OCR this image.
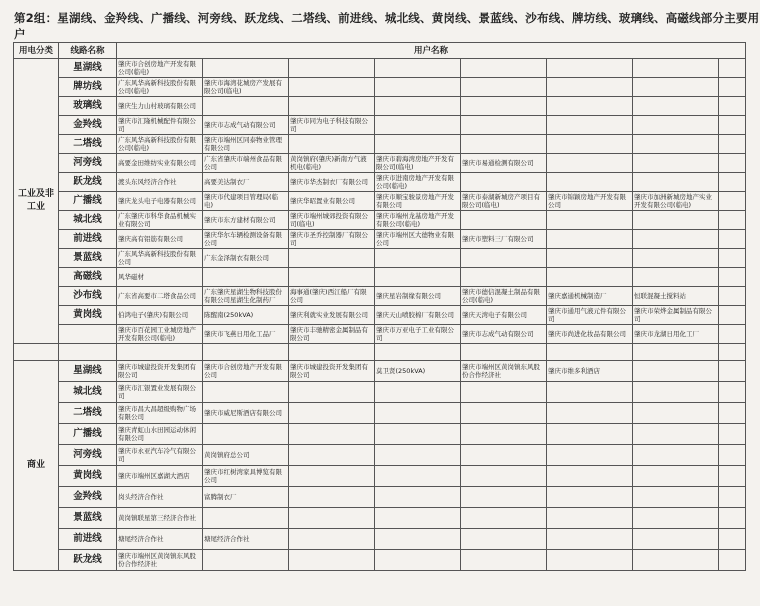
第2组：星湖线、金羚线、广播线、河旁线、跃龙线、二塔线、前进线、城北线、黄岗线、景蓝线、沙布线、牌坊线、玻璃线、高磁线部分主要用户
用电分类	线路名称	用户名称							
工业及非工业	星湖线	肇庆市合创房地产开发有限公司(临电)							
	牌坊线	广东风华高新科技股份有限公司(临电)	肇庆市海湾花城房产发展有限公司(临电)						
	玻璃线	肇庆生力山村玻璃有限公司							
	金羚线	肇庆市汇隆机械配件有限公司	肇庆市志成气动有限公司	肇庆市同为电子科技有限公司					
	二塔线	广东风华高新科技股份有限公司(临电)	肇庆市端州区同泰物业管理有限公司						
	河旁线	高要金田维纺实业有限公司	广东省肇庆市端州食品有限公司	黄岗镇府(肇庆)新南方气液机电(临电)	肇庆市碧海湾房地产开发有限公司(临电)	肇庆市易通检测有限公司			
	跃龙线	渡头东风经济合作社	高要美达制衣厂	肇庆市华杰制衣厂有限公司	肇庆市进南房地产开发有限公司(临电)				
	广播线	肇庆龙头电子电器有限公司	肇庆市代建项目管理局(临电)	肇庆华昭置业有限公司	肇庆市顺宝骏景房地产开发有限公司	肇庆市泰湖新城房产项目有限公司(临电)	肇庆市锦颖房地产开发有限公司	肇庆市加洲新城房地产实业开发有限公司(临电)	
	城北线	广东肇庆市科华食品机械实业有限公司	肇庆市东方建材有限公司	肇庆市端州城郊投资有限公司(临电)	肇庆市端州龙基房地产开发有限公司(临电)				
	前进线	肇庆高有铝筋有限公司	肇庆华尔车辆检测设备有限公司	肇庆市圣乔控制器厂有限公司	肇庆市端州区大德物业有限公司	肇庆市塑料三厂有限公司			
	景蓝线	广东风华高新科技股份有限公司	广东金泽制衣有限公司						
	高磁线	风华磁材							
	沙布线	广东省高要市二塔食品公司	广东肇庆星湖生物科技股份有限公司星湖生化制药厂	海事通(肇庆)西江船厂有限公司	肇庆星岩制缘有限公司	肇庆市德信混凝土制品有限公司(临电)	肇庆嘉通机械制造厂	恒联混凝土搅料站	
	黄岗线	伯鸿电子(肇庆)有限公司	陈醒南(250kVA)	肇庆利就实业发展有限公司	肇庆天山喷胶棉厂有限公司	肇庆天湾电子有限公司	肇庆市通用气液元件有限公司	肇庆市荣烨金属制品有限公司	
		肇庆市百花园工业城房地产开发有限公司(临电)	肇庆市飞燕日用化工品厂	肇庆市丰驰精密金属制品有限公司	肇庆市万亚电子工业有限公司	肇庆市志成气动有限公司	肇庆市尚进化妆品有限公司	肇庆市龙湖日用化工厂	

商业	星湖线	肇庆市城建投资开发集团有限公司	肇庆市合创房地产开发有限公司	肇庆市城建投资开发集团有限公司	莫卫贤(250kVA)	肇庆市端州区黄岗镇东风股份合作经济社	肇庆市维多利酒店		
	城北线	肇庆市汇银置业发展有限公司							
	二塔线	肇庆市昌大昌超级购物广场有限公司	肇庆市威尼斯酒店有限公司						
	广播线	肇庆青虹山水田园运动休闲有限公司							
	河旁线	肇庆市永亚汽车冷气有限公司	黄岗镇府总公司						
	黄岗线	肇庆市端州区嘉湖大酒店	肇庆市红树湾家具博览有限公司						
	金羚线	岗头经济合作社	富腾制衣厂						
	景蓝线	黄岗镇联星第三经济合作社							
	前进线	塘尾经济合作社	塘尾经济合作社						
	跃龙线	肇庆市端州区黄岗镇东风股份合作经济社							
